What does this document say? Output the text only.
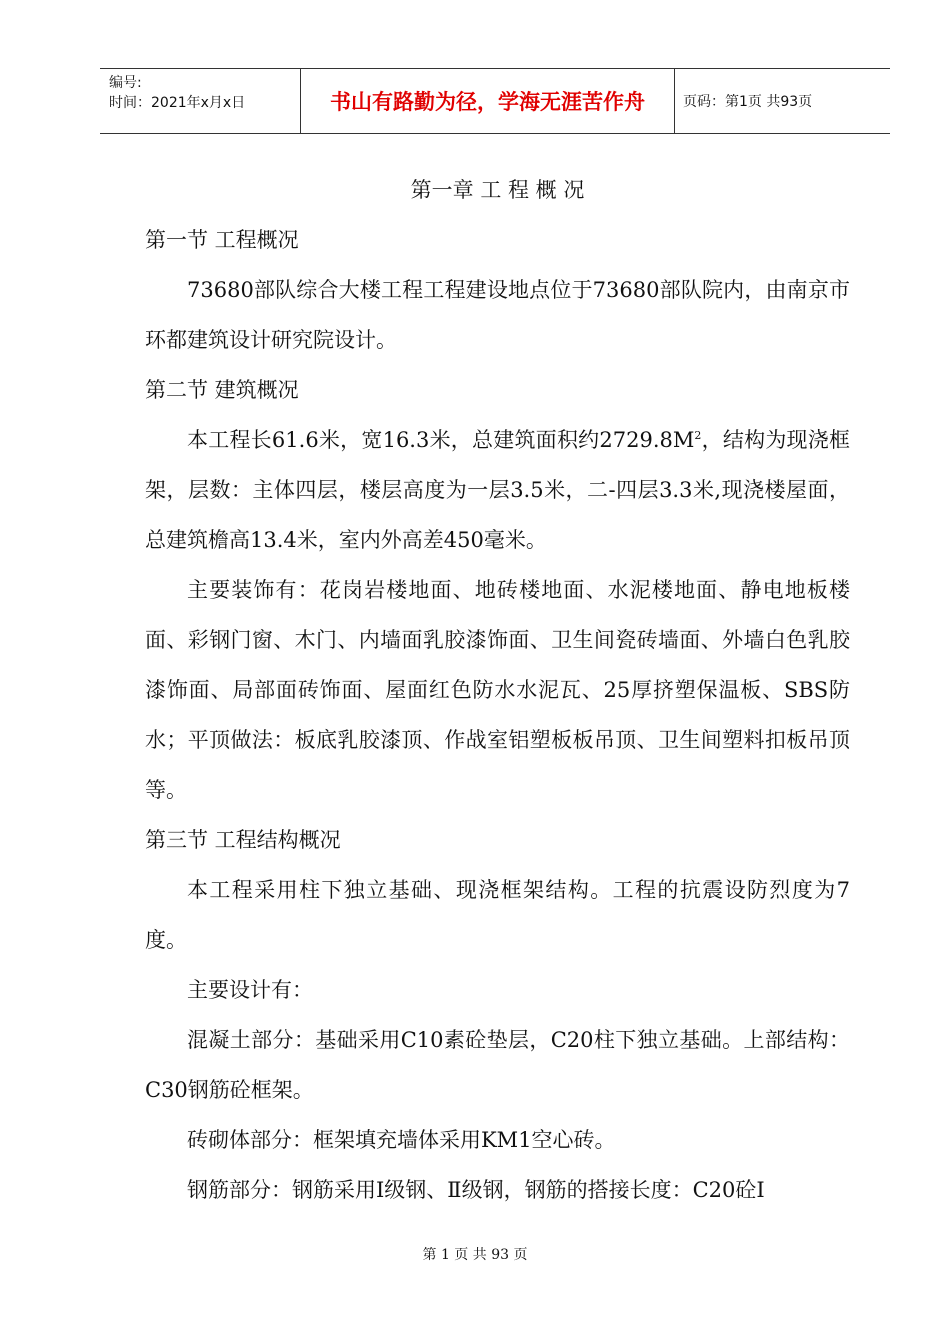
编号:
时间：2021年x月x日	书山有路勤为径，学海无涯苦作舟	页码：第1页 共93页
第一章 工 程 概 况
第一节 工程概况

73680部队综合大楼工程工程建设地点位于73680部队院内，由南京市环都建筑设计研究院设计。

第二节 建筑概况

本工程长61.6米，宽16.3米，总建筑面积约$2729.8M^2$，结构为现浇框架，层数：主体四层，楼层高度为一层3.5米，二-四层3.3米,现浇楼屋面，总建筑檐高13.4米，室内外高差450毫米。

主要装饰有：花岗岩楼地面、地砖楼地面、水泥楼地面、静电地板楼面、彩钢门窗、木门、内墙面乳胶漆饰面、卫生间瓷砖墙面、外墙白色乳胶漆饰面、局部面砖饰面、屋面红色防水水泥瓦、25厚挤塑保温板、SBS防水；平顶做法：板底乳胶漆顶、作战室铝塑板板吊顶、卫生间塑料扣板吊顶等。

第三节 工程结构概况

本工程采用柱下独立基础、现浇框架结构。工程的抗震设防烈度为7度。

主要设计有：

混凝土部分：基础采用C10素砼垫层，C20柱下独立基础。上部结构：C30钢筋砼框架。

砖砌体部分：框架填充墙体采用KM1空心砖。

钢筋部分：钢筋采用Ⅰ级钢、Ⅱ级钢，钢筋的搭接长度：C20砼Ⅰ

第 1 页 共 93 页
